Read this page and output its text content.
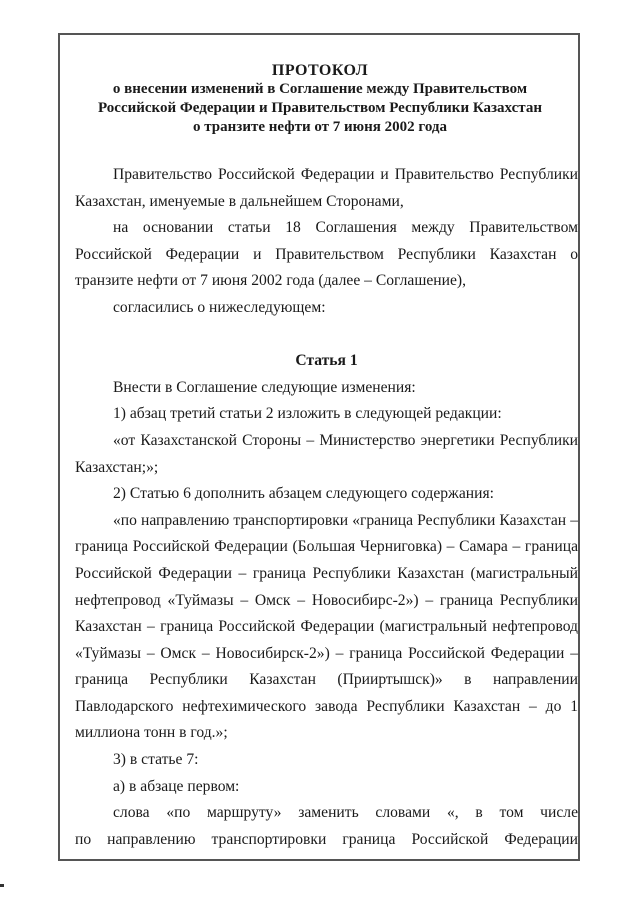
ПРОТОКОЛ
о внесении изменений в Соглашение между Правительством
Российской Федерации и Правительством Республики Казахстан
о транзите нефти от 7 июня 2002 года

Правительство Российской Федерации и Правительство Республики Казахстан, именуемые в дальнейшем Сторонами,

на основании статьи 18 Соглашения между Правительством Российской Федерации и Правительством Республики Казахстан о транзите нефти от 7 июня 2002 года (далее – Соглашение),

согласились о нижеследующем:

Статья 1

Внести в Соглашение следующие изменения:

1) абзац третий статьи 2 изложить в следующей редакции:

«от Казахстанской Стороны – Министерство энергетики Республики Казахстан;»;

2) Статью 6 дополнить абзацем следующего содержания:

«по направлению транспортировки «граница Республики Казахстан – граница Российской Федерации (Большая Черниговка) – Самара – граница Российской Федерации – граница Республики Казахстан (магистральный нефтепровод «Туймазы – Омск – Новосибирс-2») – граница Республики Казахстан – граница Российской Федерации (магистральный нефтепровод «Туймазы – Омск – Новосибирск-2») – граница Российской Федерации – граница Республики Казахстан (Прииртышск)» в направлении Павлодарского нефтехимического завода Республики Казахстан – до 1 миллиона тонн в год.»;

3) в статье 7:

а) в абзаце первом:

слова «по маршруту» заменить словами «, в том числе

по направлению транспортировки граница Российской Федерации
